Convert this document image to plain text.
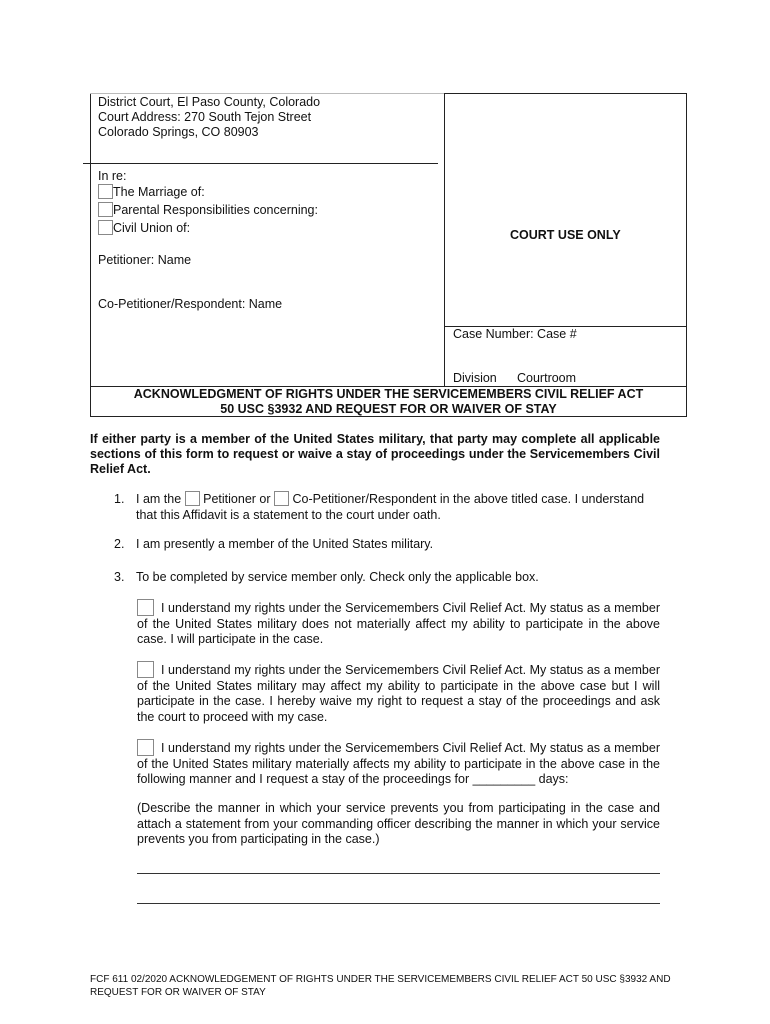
District Court, El Paso County, Colorado
Court Address: 270 South Tejon Street
Colorado Springs, CO 80903
In re:
The Marriage of:
Parental Responsibilities concerning:
Civil Union of:
Petitioner: Name
Co-Petitioner/Respondent: Name
COURT USE ONLY
Case Number: Case #
Division Courtroom
ACKNOWLEDGMENT OF RIGHTS UNDER THE SERVICEMEMBERS CIVIL RELIEF ACT
50 USC §3932 AND REQUEST FOR OR WAIVER OF STAY
If either party is a member of the United States military, that party may complete all applicable sections of this form to request or waive a stay of proceedings under the Servicemembers Civil Relief Act.
1. I am the Petitioner or Co-Petitioner/Respondent in the above titled case. I understand
that this Affidavit is a statement to the court under oath.
2. I am presently a member of the United States military.
3. To be completed by service member only. Check only the applicable box.
I understand my rights under the Servicemembers Civil Relief Act. My status as a member of the United States military does not materially affect my ability to participate in the above case. I will participate in the case.
I understand my rights under the Servicemembers Civil Relief Act. My status as a member of the United States military may affect my ability to participate in the above case but I will participate in the case. I hereby waive my right to request a stay of the proceedings and ask the court to proceed with my case.
I understand my rights under the Servicemembers Civil Relief Act. My status as a member of the United States military materially affects my ability to participate in the above case in the following manner and I request a stay of the proceedings for _________ days:
(Describe the manner in which your service prevents you from participating in the case and attach a statement from your commanding officer describing the manner in which your service prevents you from participating in the case.)
FCF 611 02/2020 ACKNOWLEDGEMENT OF RIGHTS UNDER THE SERVICEMEMBERS CIVIL RELIEF ACT 50 USC §3932 AND REQUEST FOR OR WAIVER OF STAY
